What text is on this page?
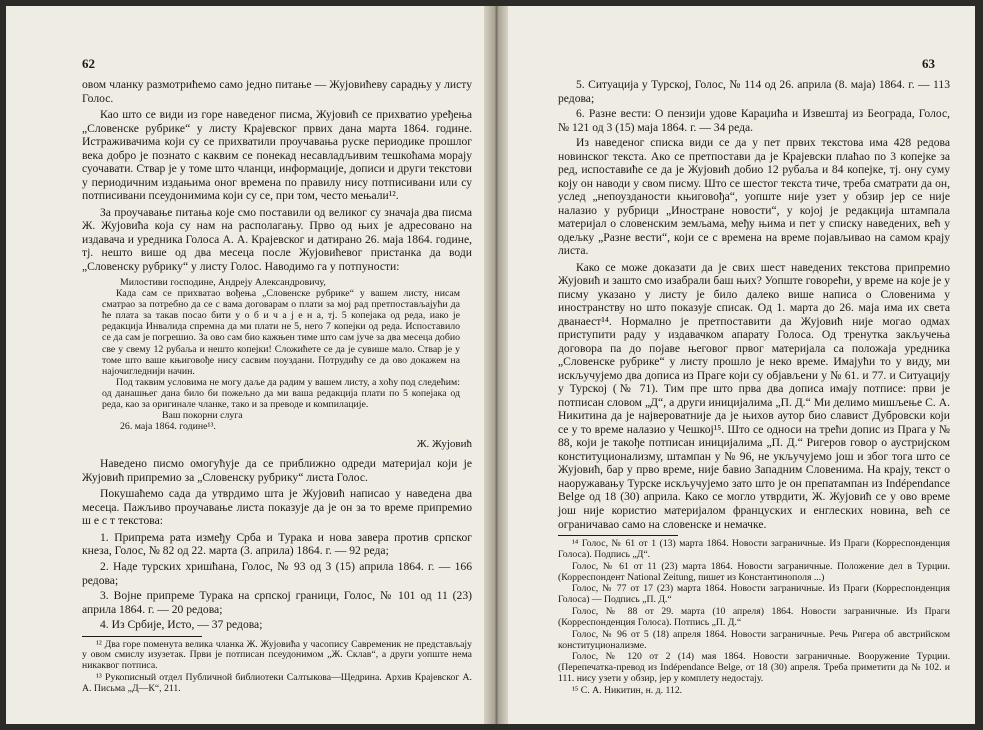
62

овом чланку размотрићемо само једно питање — Жујовићеву сарадњу у листу Голос.

Као што се види из горе наведеног писма, Жујовић се прихватио уређења „Словенске рубрике“ у листу Крајевског првих дана марта 1864. године. Истраживачима који су се прихватили проучавања руске периодике прошлог века добро је познато с каквим се понекад несавладљивим тешкоћама морају суочавати. Ствар је у томе што чланци, информације, дописи и други текстови у периодичним издањима оног времена по правилу нису потписивани или су потписивани псеудонимима који су се, при том, често мењали¹².

За проучавање питања које смо поставили од великог су значаја два писма Ж. Жујовића која су нам на располагању. Прво од њих је адресовано на издавача и уредника Голоса А. А. Крајевског и датирано 26. маја 1864. године, тј. нешто више од два месеца после Жујовићевог пристанка да води „Словенску рубрику“ у листу Голос. Наводимо га у потпуности:

Милостиви господине, Андреју Александровичу,

Када сам се прихватао вођења „Словенске рубрике“ у вашем листу, нисам сматрао за потребно да се с вама договарам о плати за мој рад претпостављајући да ће плата за такав посао бити у о б и ч а ј е н а, тј. 5 копејака од реда, иако је редакција Инвалида спремна да ми плати не 5, него 7 копејки од реда. Испоставило се да сам је погрешио. За ово сам био кажњен тиме што сам јуче за два месеца добио све у свему 12 рубаља и нешто копејки! Сложићете се да је сувише мало. Ствар је у томе што ваше књиговође нису сасвим поуздани. Потрудићу се да ово докажем на најочигледнији начин.

Под таквим условима не могу даље да радим у вашем листу, а хоћу под следећим: од данашњег дана било би пожељно да ми ваша редакција плати по 5 копејака од реда, као за оригинале чланке, тако и за преводе и компилације.

Ваш покорни слуга

26. маја 1864. године¹³.

Ж. Жујовић

Наведено писмо омогућује да се приближно одреди материјал који је Жујовић припремио за „Словенску рубрику“ листа Голос.

Покушаћемо сада да утврдимо шта је Жујовић написао у наведена два месеца. Пажљиво проучавање листа показује да је он за то време припремио ш е с т текстова:

1. Припрема рата између Срба и Турака и нова завера против српског кнеза, Голос, № 82 од 22. марта (3. априла) 1864. г. — 92 реда;

2. Наде турских хришћана, Голос, № 93 од 3 (15) априла 1864. г. — 166 редова;

3. Војне припреме Турака на српској граници, Голос, № 101 од 11 (23) априла 1864. г. — 20 редова;

4. Из Србије, Исто, — 37 редова;

¹² Два горе поменута велика чланка Ж. Жујовића у часопису Савременик не представљају у овом смислу изузетак. Први је потписан псеудонимом „Ж. Склав“, а други уопште нема никаквог потписа.

¹³ Рукописный отдел Публичной библиотеки Салтыкова—Щедрина. Архив Крајевског А. А. Письма „Д—К“, 211.

63

5. Ситуација у Турској, Голос, № 114 од 26. априла (8. маја) 1864. г. — 113 редова;

6. Разне вести: О пензији удове Караџића и Извештај из Београда, Голос, № 121 од 3 (15) маја 1864. г. — 34 реда.

Из наведеног списка види се да у пет првих текстова има 428 редова новинског текста. Ако се претпостави да је Крајевски плаћао по 3 копејке за ред, испоставиће се да је Жујовић добио 12 рубаља и 84 копејке, тј. ону суму коју он наводи у свом писму. Што се шестог текста тиче, треба сматрати да он, услед „непоузданости књиговођа“, уопште није узет у обзир јер се није налазио у рубрици „Иностране новости“, у којој је редакција штампала материјал о словенским земљама, међу њима и пет у списку наведених, већ у одељку „Разне вести“, који се с времена на време појављивао на самом крају листа.

Како се може доказати да је свих шест наведених текстова припремио Жујовић и зашто смо изабрали баш њих? Уопште говорећи, у време на које је у писму указано у листу је било далеко више написа о Словенима у иностранству но што показује списак. Од 1. марта до 26. маја има их света дванаест¹⁴. Нормално је претпоставити да Жујовић није могао одмах приступити раду у издавачком апарату Голоса. Од тренутка закључења договора па до појаве његовог првог материјала са положаја уредника „Словенске рубрике“ у листу прошло је неко време. Имајући то у виду, ми искључујемо два дописа из Праге који су објављени у № 61. и 77. и Ситуацију у Турској (№ 71). Тим пре што прва два дописа имају потписе: први је потписан словом „Д“, а други иницијалима „П. Д.“ Ми делимо мишљење С. А. Никитина да је највероватније да је њихов аутор био славист Дубровски који се у то време налазио у Чешкој¹⁵. Што се односи на трећи допис из Прага у № 88, који је такође потписан иницијалима „П. Д.“ Ригеров говор о аустријском конституционализму, штампан у № 96, не укључујемо још и због тога што се Жујовић, бар у прво време, није бавио Западним Словенима. На крају, текст о наоружавању Турске искључујемо зато што је он препатампан из Indépendance Belge од 18 (30) априла. Како се могло утврдити, Ж. Жујовић се у ово време још није користио материјалом француских и енглеских новина, већ се ограничавао само на словенске и немачке.

¹⁴ Голос, № 61 от 1 (13) марта 1864. Новости заграничные. Из Праги (Корреспонденция Голоса). Подпись „Д“.

Голос, № 61 от 11 (23) марта 1864. Новости заграничные. Положение дел в Турции. (Корреспондент National Zeitung, пишет из Константинополя ...)

Голос, № 77 от 17 (23) марта 1864. Новости заграничные. Из Праги (Корреспонденция Голоса) — Подпись „П. Д.“

Голос, № 88 от 29. марта (10 апреля) 1864. Новости заграничные. Из Праги (Корреспонденция Голоса). Потпись „П. Д.“

Голос, № 96 от 5 (18) апреля 1864. Новости заграничные. Речь Ригера об австрийском конституционализме.

Голос, № 120 от 2 (14) мая 1864. Новости заграничные. Вооружение Турции. (Перепечатка-превод из Indépendance Belge, от 18 (30) апреля. Треба приметити да № 102. и 111. нису узети у обзир, јер у комплету недостају.

¹⁵ С. А. Никитин, н. д. 112.
